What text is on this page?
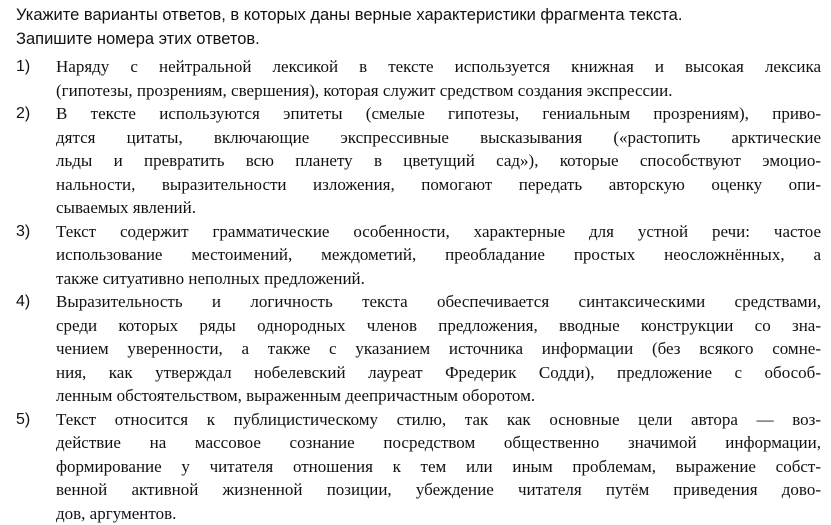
Укажите варианты ответов, в которых даны верные характеристики фрагмента текста.
Запишите номера этих ответов.
1)	Наряду с нейтральной лексикой в тексте используется книжная и высокая лексика
(гипотезы, прозрениям, свершения), которая служит средством создания экспрессии.
2)	В тексте используются эпитеты (смелые гипотезы, гениальным прозрениям), приво-
дятся цитаты, включающие экспрессивные высказывания («растопить арктические
льды и превратить всю планету в цветущий сад»), которые способствуют эмоцио-
нальности, выразительности изложения, помогают передать авторскую оценку опи-
сываемых явлений.
3)	Текст содержит грамматические особенности, характерные для устной речи: частое
использование местоимений, междометий, преобладание простых неосложнённых, а
также ситуативно неполных предложений.
4)	Выразительность и логичность текста обеспечивается синтаксическими средствами,
среди которых ряды однородных членов предложения, вводные конструкции со зна-
чением уверенности, а также с указанием источника информации (без всякого сомне-
ния, как утверждал нобелевский лауреат Фредерик Содди), предложение с обособ-
ленным обстоятельством, выраженным деепричастным оборотом.
5)	Текст относится к публицистическому стилю, так как основные цели автора — воз-
действие на массовое сознание посредством общественно значимой информации,
формирование у читателя отношения к тем или иным проблемам, выражение собст-
венной активной жизненной позиции, убеждение читателя путём приведения дово-
дов, аргументов.
